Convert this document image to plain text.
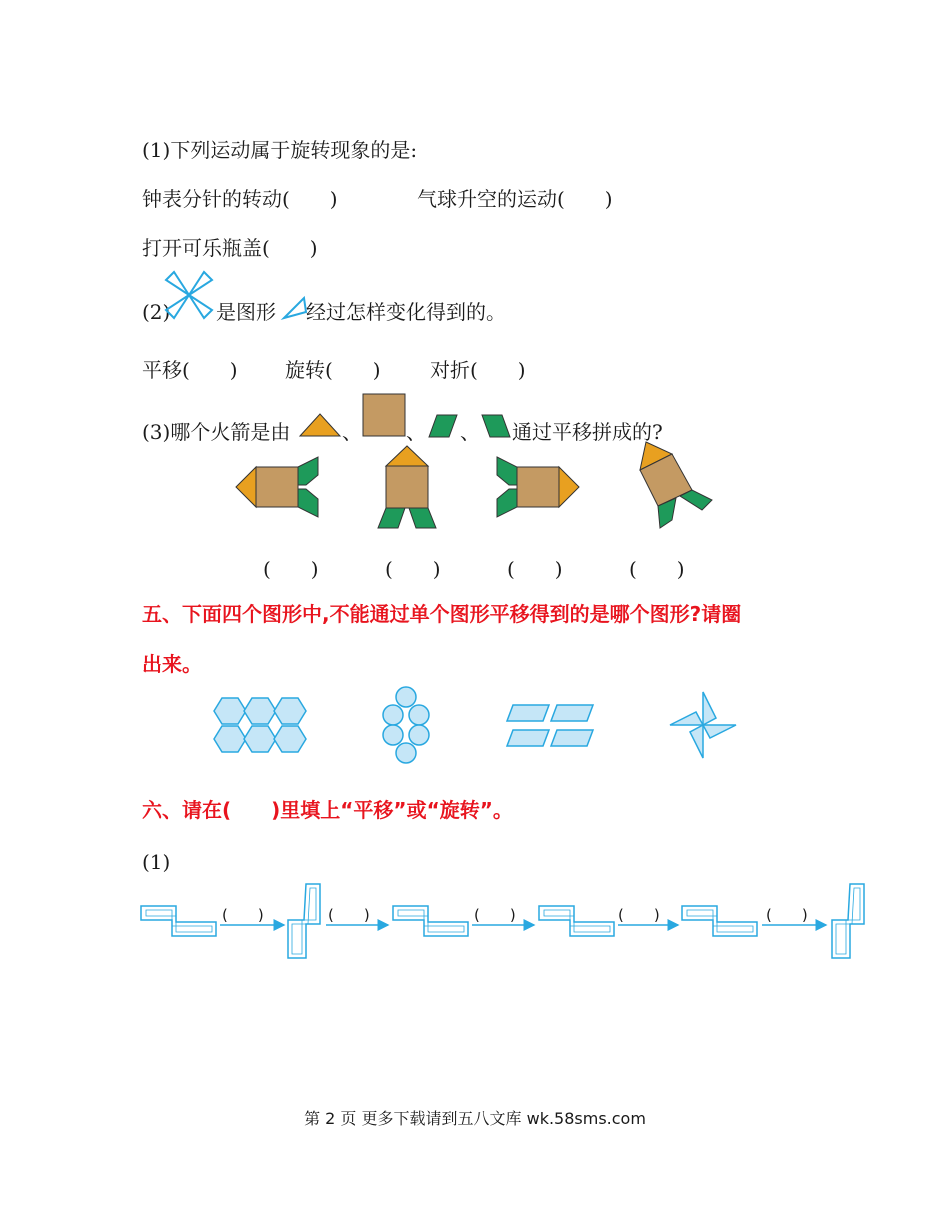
(1)下列运动属于旋转现象的是:
钟表分针的转动(　　)	气球升空的运动(　　)
打开可乐瓶盖(　　)
(2) 是图形 经过怎样变化得到的。
平移(　　) 旋转(　　) 对折(　　)
(3)哪个火箭是由	、 、 、 通过平移拼成的?
(　　)	(　　)	(　　)	(　　)
五、下面四个图形中,不能通过单个图形平移得到的是哪个图形?请圈
出来。
六、请在(　　)里填上“平移”或“旋转”。
(1)
(　　)	(　　)	(　　)	(　　)	(　　)
第 2 页 更多下载请到五八文库 wk.58sms.com
